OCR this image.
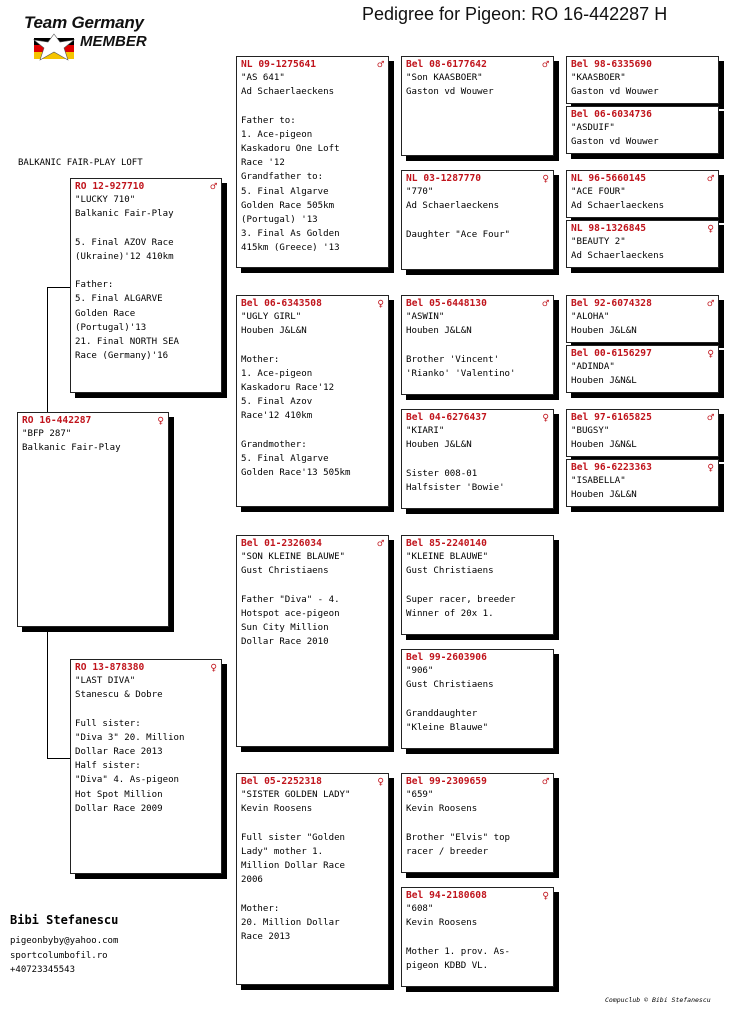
Team Germany
MEMBER
Pedigree for Pigeon: RO 16-442287 H
BALKANIC FAIR-PLAY LOFT
RO 16-442287	♀
"BFP 287"
Balkanic Fair-Play
RO 12-927710	♂
"LUCKY 710"
Balkanic Fair-Play
5. Final AZOV Race
(Ukraine)'12 410km
Father:
5. Final ALGARVE
Golden Race
(Portugal)'13
21. Final NORTH SEA
Race (Germany)'16
RO 13-878380	♀
"LAST DIVA"
Stanescu & Dobre
Full sister:
"Diva 3" 20. Million
Dollar Race 2013
Half sister:
"Diva" 4. As-pigeon
Hot Spot Million
Dollar Race 2009
NL 09-1275641	♂
"AS 641"
Ad Schaerlaeckens
Father to:
1. Ace-pigeon
Kaskadoru One Loft
Race '12
Grandfather to:
5. Final Algarve
Golden Race 505km
(Portugal) '13
3. Final As Golden
415km (Greece) '13
Bel 06-6343508	♀
"UGLY GIRL"
Houben J&L&N
Mother:
1. Ace-pigeon
Kaskadoru Race'12
5. Final Azov
Race'12 410km
Grandmother:
5. Final Algarve
Golden Race'13 505km
Bel 01-2326034	♂
"SON KLEINE BLAUWE"
Gust Christiaens
Father "Diva" - 4.
Hotspot ace-pigeon
Sun City Million
Dollar Race 2010
Bel 05-2252318	♀
"SISTER GOLDEN LADY"
Kevin Roosens
Full sister "Golden
Lady" mother 1.
Million Dollar Race
2006
Mother:
20. Million Dollar
Race 2013
Bel 08-6177642	♂
"Son KAASBOER"
Gaston vd Wouwer
NL 03-1287770	♀
"770"
Ad Schaerlaeckens
Daughter "Ace Four"
Bel 05-6448130	♂
"ASWIN"
Houben J&L&N
Brother 'Vincent'
'Rianko' 'Valentino'
Bel 04-6276437	♀
"KIARI"
Houben J&L&N
Sister 008-01
Halfsister 'Bowie'
Bel 85-2240140
"KLEINE BLAUWE"
Gust Christiaens
Super racer, breeder
Winner of 20x 1.
Bel 99-2603906
"906"
Gust Christiaens
Granddaughter
"Kleine Blauwe"
Bel 99-2309659	♂
"659"
Kevin Roosens
Brother "Elvis" top
racer / breeder
Bel 94-2180608	♀
"608"
Kevin Roosens
Mother 1. prov. As-
pigeon KDBD VL.
Bel 98-6335690
"KAASBOER"
Gaston vd Wouwer
Bel 06-6034736
"ASDUIF"
Gaston vd Wouwer
NL 96-5660145	♂
"ACE FOUR"
Ad Schaerlaeckens
NL 98-1326845	♀
"BEAUTY 2"
Ad Schaerlaeckens
Bel 92-6074328	♂
"ALOHA"
Houben J&L&N
Bel 00-6156297	♀
"ADINDA"
Houben J&N&L
Bel 97-6165825	♂
"BUGSY"
Houben J&N&L
Bel 96-6223363	♀
"ISABELLA"
Houben J&L&N
Bibi Stefanescu
pigeonbyby@yahoo.com
sportcolumbofil.ro
+40723345543
Compuclub © Bibi Stefanescu
